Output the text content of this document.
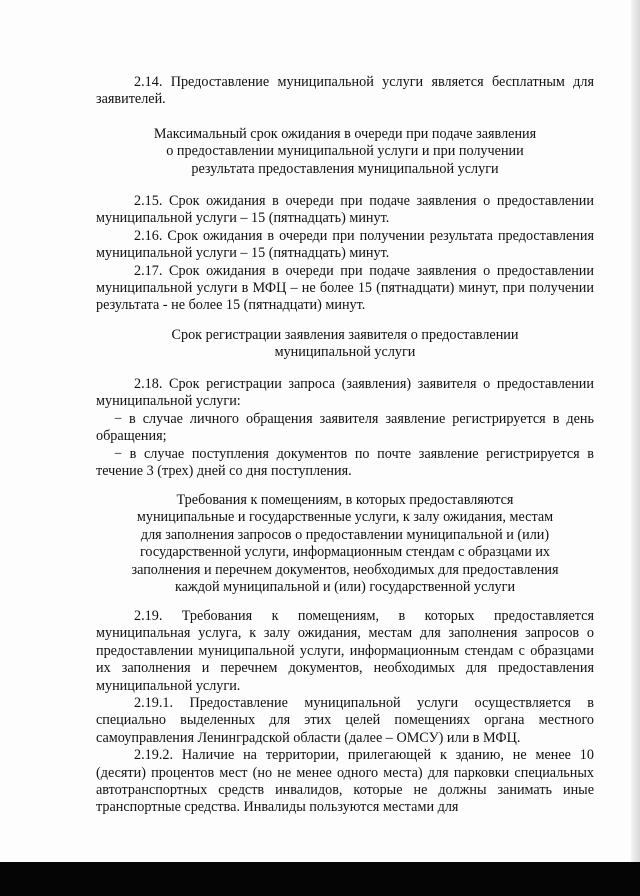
2.14. Предоставление муниципальной услуги является бесплатным для заявителей.

Максимальный срок ожидания в очереди при подаче заявления
о предоставлении муниципальной услуги и при получении
результата предоставления муниципальной услуги

2.15. Срок ожидания в очереди при подаче заявления о предоставлении муниципальной услуги – 15 (пятнадцать) минут.

2.16. Срок ожидания в очереди при получении результата предоставления муниципальной услуги – 15 (пятнадцать) минут.

2.17. Срок ожидания в очереди при подаче заявления о предоставлении муниципальной услуги в МФЦ – не более 15 (пятнадцати) минут, при получении результата - не более 15 (пятнадцати) минут.

Срок регистрации заявления заявителя о предоставлении
муниципальной услуги

2.18. Срок регистрации запроса (заявления) заявителя о предоставлении муниципальной услуги:

− в случае личного обращения заявителя заявление регистрируется в день обращения;

− в случае поступления документов по почте заявление регистрируется в течение 3 (трех) дней со дня поступления.

Требования к помещениям, в которых предоставляются
муниципальные и государственные услуги, к залу ожидания, местам
для заполнения запросов о предоставлении муниципальной и (или)
государственной услуги, информационным стендам с образцами их
заполнения и перечнем документов, необходимых для предоставления
каждой муниципальной и (или) государственной услуги

2.19. Требования к помещениям, в которых предоставляется муниципальная услуга, к залу ожидания, местам для заполнения запросов о предоставлении муниципальной услуги, информационным стендам с образцами их заполнения и перечнем документов, необходимых для предоставления муниципальной услуги.

2.19.1. Предоставление муниципальной услуги осуществляется в специально выделенных для этих целей помещениях органа местного самоуправления Ленинградской области (далее – ОМСУ) или в МФЦ.

2.19.2. Наличие на территории, прилегающей к зданию, не менее 10 (десяти) процентов мест (но не менее одного места) для парковки специальных автотранспортных средств инвалидов, которые не должны занимать иные транспортные средства. Инвалиды пользуются местами для
